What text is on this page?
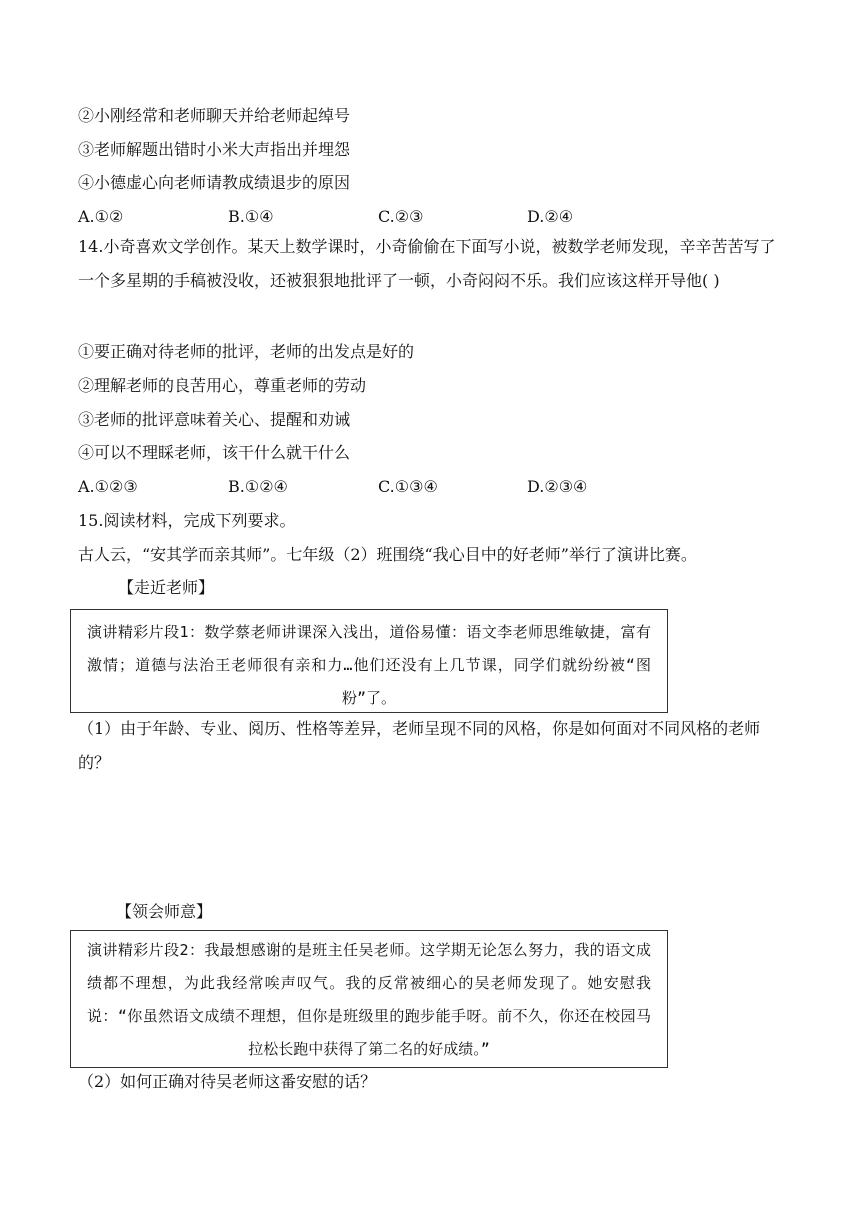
②小刚经常和老师聊天并给老师起绰号
③老师解题出错时小米大声指出并埋怨
④小德虚心向老师请教成绩退步的原因
A.①②	B.①④	C.②③	D.②④
14.小奇喜欢文学创作。某天上数学课时，小奇偷偷在下面写小说，被数学老师发现，辛辛苦苦写了一个多星期的手稿被没收，还被狠狠地批评了一顿，小奇闷闷不乐。我们应该这样开导他( )
①要正确对待老师的批评，老师的出发点是好的
②理解老师的良苦用心，尊重老师的劳动
③老师的批评意味着关心、提醒和劝诫
④可以不理睬老师，该干什么就干什么
A.①②③	B.①②④	C.①③④	D.②③④
15.阅读材料，完成下列要求。
古人云，“安其学而亲其师”。七年级（2）班围绕“我心目中的好老师”举行了演讲比赛。
【走近老师】

演讲精彩片段1：数学蔡老师讲课深入浅出，道俗易懂：语文李老师思维敏捷，富有激情；道德与法治王老师很有亲和力…他们还没有上几节课，同学们就纷纷被“图粉”了。

（1）由于年龄、专业、阅历、性格等差异，老师呈现不同的风格，你是如何面对不同风格的老师的？
【领会师意】

演讲精彩片段2：我最想感谢的是班主任吴老师。这学期无论怎么努力，我的语文成绩都不理想，为此我经常唉声叹气。我的反常被细心的吴老师发现了。她安慰我说：“你虽然语文成绩不理想，但你是班级里的跑步能手呀。前不久，你还在校园马拉松长跑中获得了第二名的好成绩。”

（2）如何正确对待吴老师这番安慰的话？
